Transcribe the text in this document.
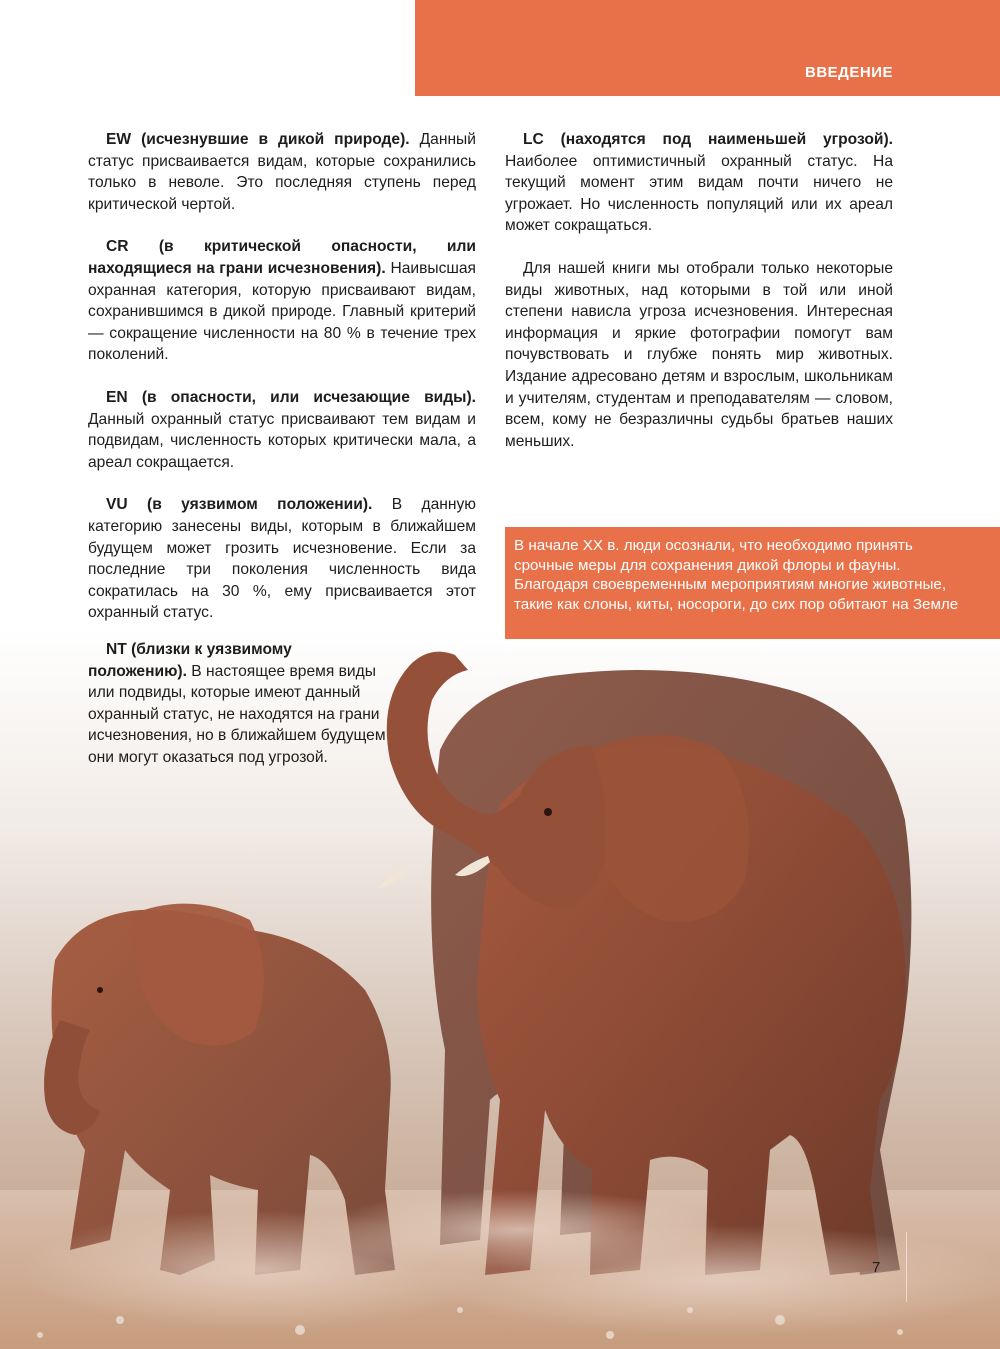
ВВЕДЕНИЕ

EW (исчезнувшие в дикой природе). Данный статус присваивается видам, которые сохранились только в неволе. Это последняя ступень перед критической чертой.

CR (в критической опасности, или находящиеся на грани исчезновения). Наивысшая охранная категория, которую присваивают видам, сохранившимся в дикой природе. Главный критерий — сокращение численности на 80 % в течение трех поколений.

EN (в опасности, или исчезающие виды). Данный охранный статус присваивают тем видам и подвидам, численность которых критически мала, а ареал сокращается.

VU (в уязвимом положении). В данную категорию занесены виды, которым в ближайшем будущем может грозить исчезновение. Если за последние три поколения численность вида сократилась на 30 %, ему присваивается этот охранный статус.

NT (близки к уязвимому положению). В настоящее время виды или подвиды, которые имеют данный охранный статус, не находятся на грани исчезновения, но в ближайшем будущем они могут оказаться под угрозой.

LC (находятся под наименьшей угрозой). Наиболее оптимистичный охранный статус. На текущий момент этим видам почти ничего не угрожает. Но численность популяций или их ареал может сокращаться.

Для нашей книги мы отобрали только некоторые виды животных, над которыми в той или иной степени нависла угроза исчезновения. Интересная информация и яркие фотографии помогут вам почувствовать и глубже понять мир животных. Издание адресовано детям и взрослым, школьникам и учителям, студентам и преподавателям — словом, всем, кому не безразличны судьбы братьев наших меньших.

В начале XX в. люди осознали, что необходимо принять срочные меры для сохранения дикой флоры и фауны. Благодаря своевременным мероприятиям многие животные, такие как слоны, киты, носороги, до сих пор обитают на Земле
7
